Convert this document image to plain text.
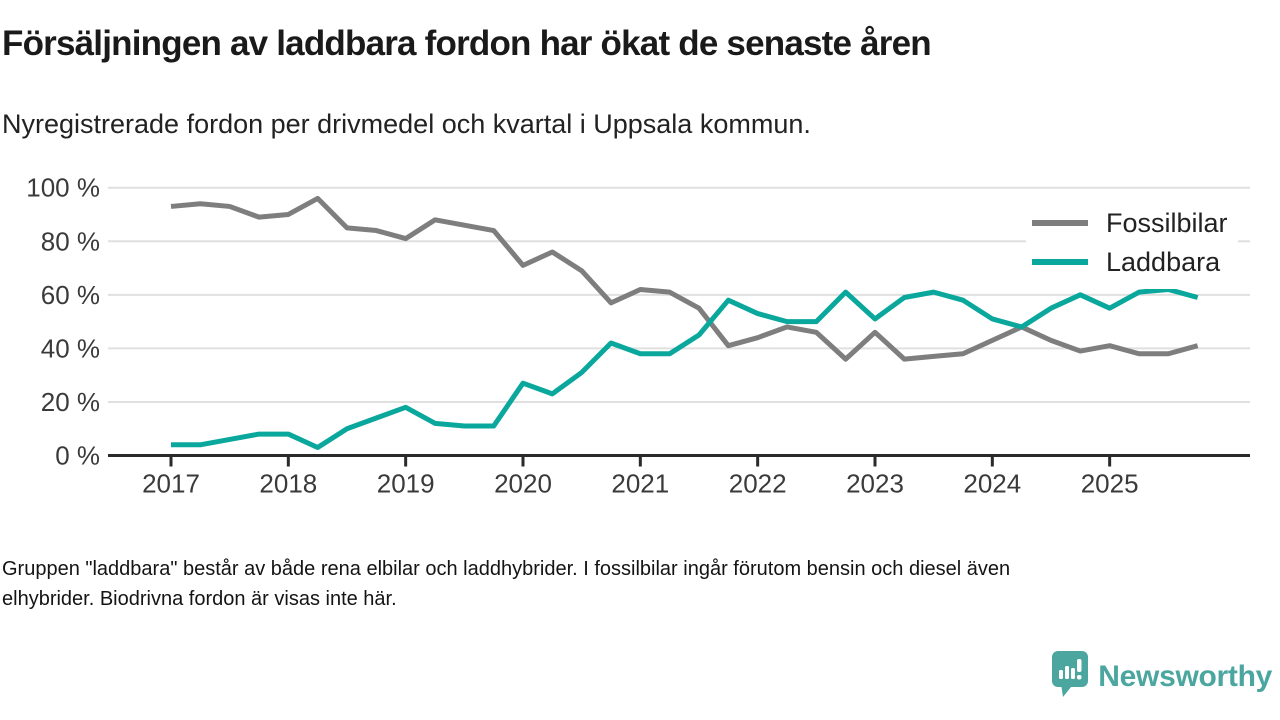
Försäljningen av laddbara fordon har ökat de senaste åren
Nyregistrerade fordon per drivmedel och kvartal i Uppsala kommun.
0 %
20 %
40 %
60 %
80 %
100 %
2017 2018 2019 2020 2021 2022 2023 2024 2025
Fossilbilar
Laddbara
Gruppen "laddbara" består av både rena elbilar och laddhybrider. I fossilbilar ingår förutom bensin och diesel även
elhybrider. Biodrivna fordon är visas inte här.
Newsworthy
